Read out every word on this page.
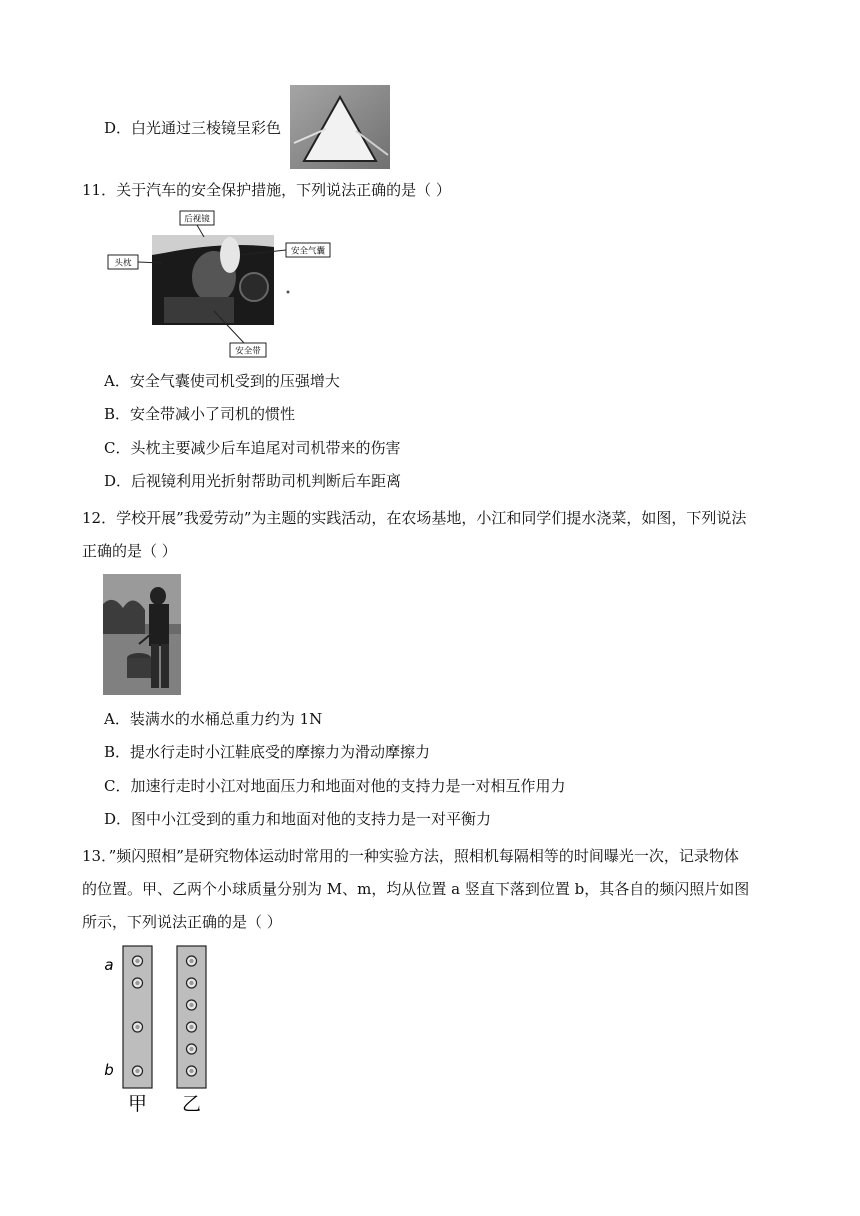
D．白光通过三棱镜呈彩色
11．关于汽车的安全保护措施，下列说法正确的是（ ）
后视镜
头枕
安全气囊
安全带
A．安全气囊使司机受到的压强增大
B．安全带减小了司机的惯性
C．头枕主要减少后车追尾对司机带来的伤害
D．后视镜利用光折射帮助司机判断后车距离
12．学校开展”我爱劳动”为主题的实践活动，在农场基地，小江和同学们提水浇菜，如图，下列说法
正确的是（ ）
A．装满水的水桶总重力约为 1N
B．提水行走时小江鞋底受的摩擦力为滑动摩擦力
C．加速行走时小江对地面压力和地面对他的支持力是一对相互作用力
D．图中小江受到的重力和地面对他的支持力是一对平衡力
13．”频闪照相”是研究物体运动时常用的一种实验方法，照相机每隔相等的时间曝光一次，记录物体
的位置。甲、乙两个小球质量分别为 M、m，均从位置 a 竖直下落到位置 b，其各自的频闪照片如图
所示，下列说法正确的是（ ）
a
b
甲 乙
